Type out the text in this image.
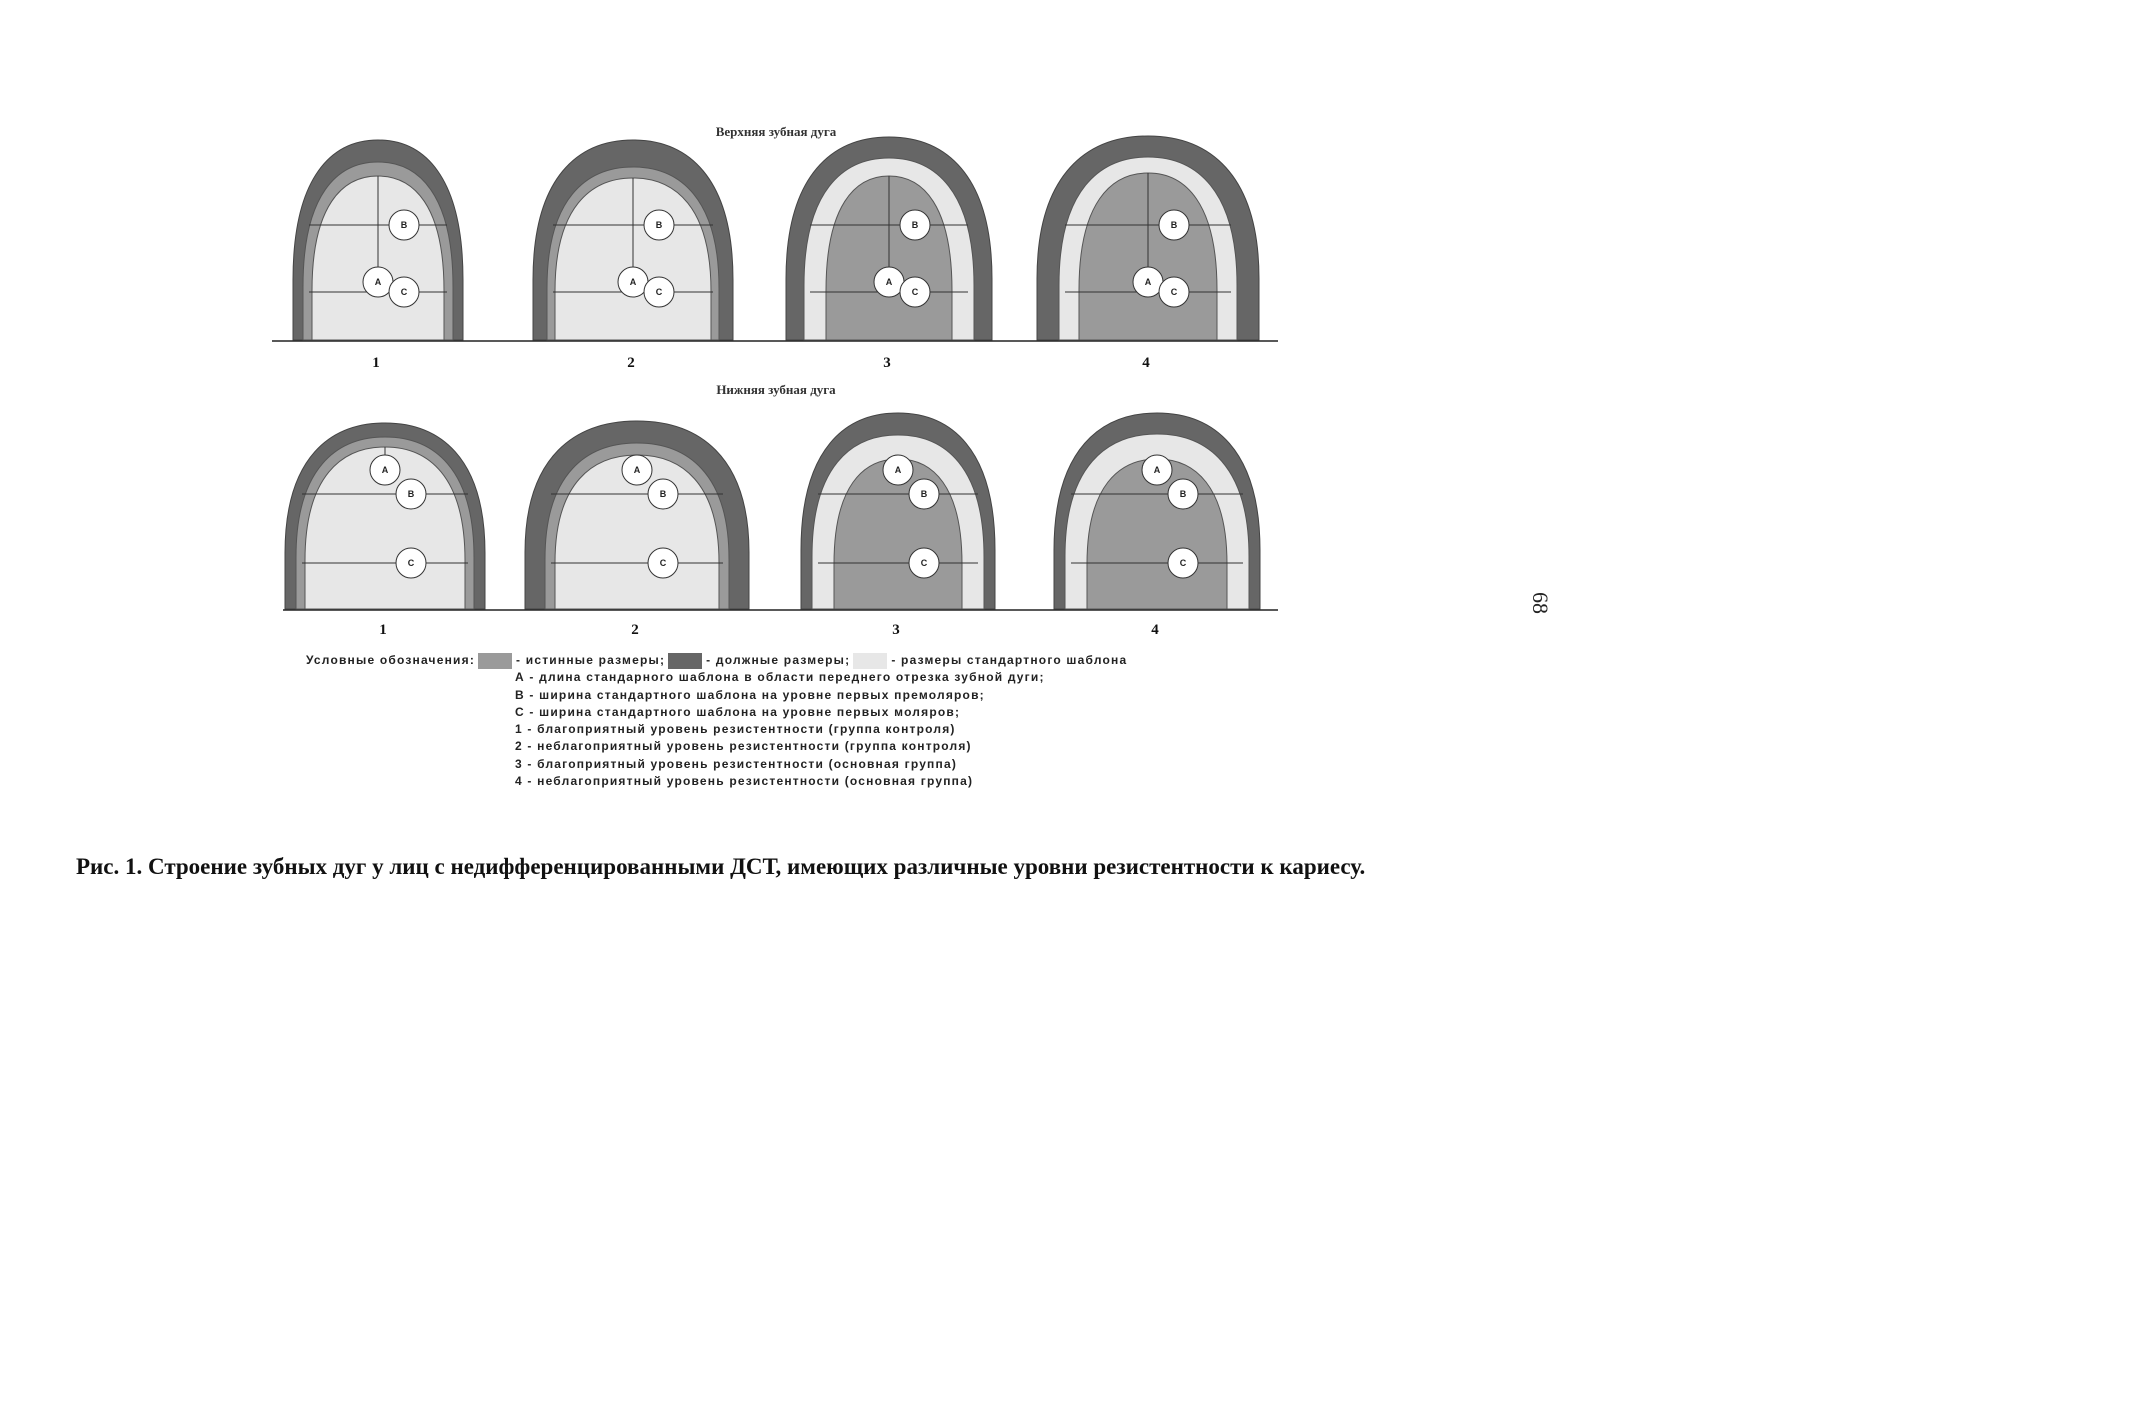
Верхняя зубная дуга
Нижняя зубная дуга
A
B
C
1
A
B
C
2
A
B
C
3
A
B
C
4
A
B
C
1
A
B
C
2
A
B
C
3
A
B
C
4
Условные обозначения:	- истинные размеры;	- должные размеры;	- размеры стандартного шаблона
А - длина стандарного шаблона в области переднего отрезка зубной дуги;
В - ширина стандартного шаблона на уровне первых премоляров;
С - ширина стандартного шаблона на уровне первых моляров;
1 - благоприятный уровень резистентности (группа контроля)
2 - неблагоприятный уровень резистентности (группа контроля)
3 - благоприятный уровень резистентности (основная группа)
4 - неблагоприятный уровень резистентности (основная группа)
Рис. 1. Строение зубных дуг у лиц с недифференцированными ДСТ, имеющих различные уровни резистентности к кариесу.
68
